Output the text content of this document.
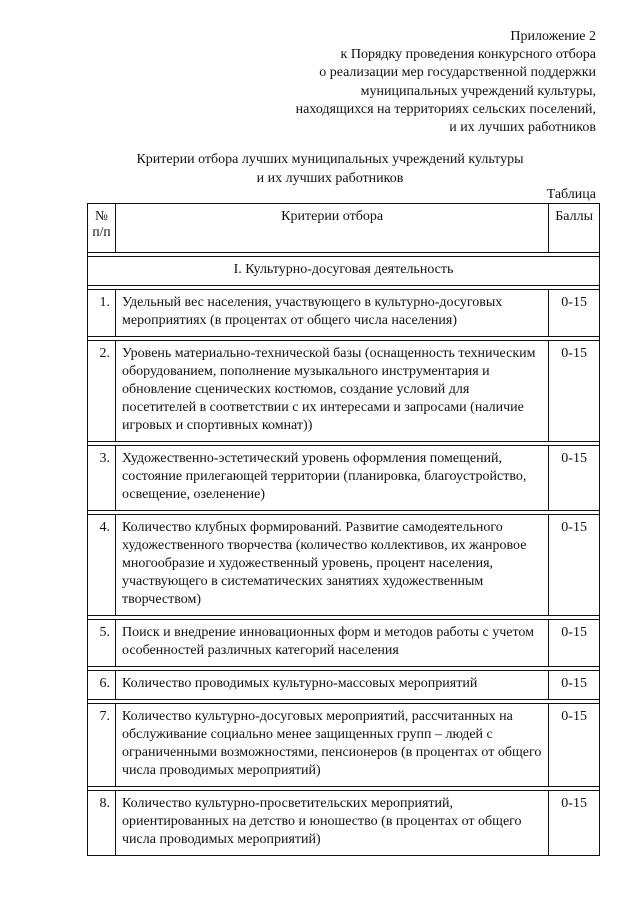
Приложение 2
к Порядку проведения конкурсного отбора
о реализации мер государственной поддержки
муниципальных учреждений культуры,
находящихся на территориях сельских поселений,
и их лучших работников
Критерии отбора лучших муниципальных учреждений культуры
и их лучших работников
Таблица
№ п/п	Критерии отбора	Баллы

I. Культурно-досуговая деятельность		

1.	Удельный вес населения, участвующего в культурно-досуговых мероприятиях (в процентах от общего числа населения)	0-15

2.	Уровень материально-технической базы (оснащенность техническим оборудованием, пополнение музыкального инструментария и обновление сценических костюмов, создание условий для посетителей в соответствии с их интересами и запросами (наличие игровых и спортивных комнат))	0-15

3.	Художественно-эстетический уровень оформления помещений, состояние прилегающей территории (планировка, благоустройство, освещение, озеленение)	0-15

4.	Количество клубных формирований. Развитие самодеятельного художественного творчества (количество коллективов, их жанровое многообразие и художественный уровень, процент населения, участвующего в систематических занятиях художественным творчеством)	0-15

5.	Поиск и внедрение инновационных форм и методов работы с учетом особенностей различных категорий населения	0-15

6.	Количество проводимых культурно-массовых мероприятий	0-15

7.	Количество культурно-досуговых мероприятий, рассчитанных на обслуживание социально менее защищенных групп – людей с ограниченными возможностями, пенсионеров (в процентах от общего числа проводимых мероприятий)	0-15

8.	Количество культурно-просветительских мероприятий, ориентированных на детство и юношество (в процентах от общего числа проводимых мероприятий)	0-15
